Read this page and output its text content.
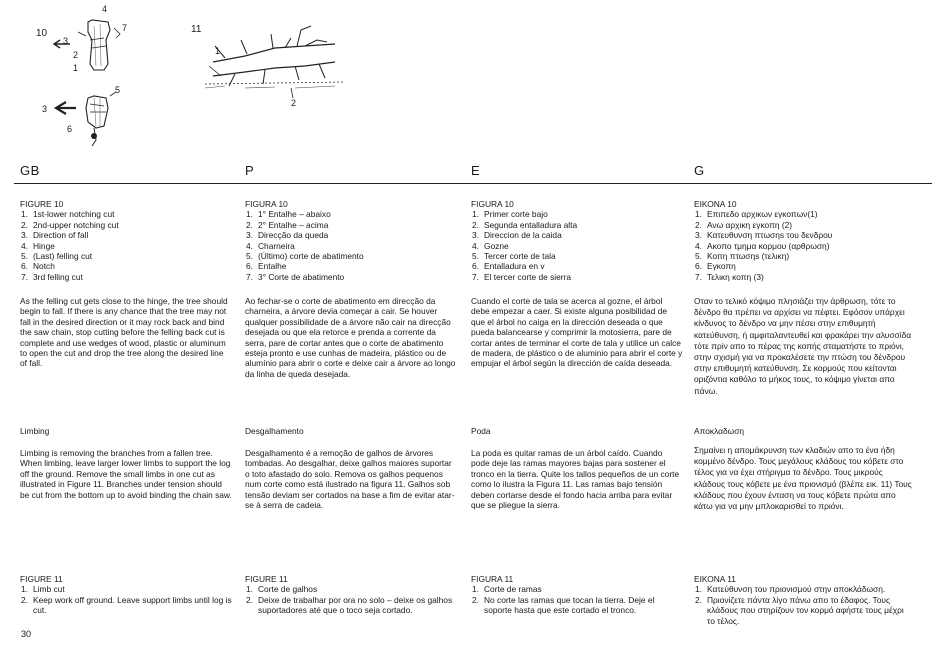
10
4
3
7
2
1
5
3
6
11
1
2
GB	P	E	G

FIGURE 10

1. 1st-lower notching cut
2. 2nd-upper notching cut
3. Direction of fall
4. Hinge
5. (Last) felling cut
6. Notch
7. 3rd felling cut

As the felling cut gets close to the hinge, the tree should begin to fall. If there is any chance that the tree may not fall in the desired direction or it may rock back and bind the saw chain, stop cutting before the felling back cut is complete and use wedges of wood, plastic or aluminum to open the cut and drop the tree along the desired line of fall.

Limbing

Limbing is removing the branches from a fallen tree. When limbing, leave larger lower limbs to support the log off the ground. Remove the small limbs in one cut as illustrated in Figure 11. Branches under tension should be cut from the bottom up to avoid binding the chain saw.

FIGURE 11

1. Limb cut
2. Keep work off ground. Leave support limbs until log is cut.

FIGURA 10

1. 1° Entalhe – abaixo
2. 2° Entalhe – acima
3. Direcção da queda
4. Charneira
5. (Último) corte de abatimento
6. Entalhe
7. 3° Corte de abatimento

Ao fechar-se o corte de abatimento em direcção da charneira, a árvore devia começar a cair. Se houver qualquer possibilidade de a árvore não cair na direcção desejada ou que ela retorce e prenda a corrente da serra, pare de cortar antes que o corte de abatimento esteja pronto e use cunhas de madeira, plástico ou de alumínio para abrir o corte e deixe cair a árvore ao longo da linha de queda desejada.

Desgalhamento

Desgalhamento é a remoção de galhos de árvores tombadas. Ao desgalhar, deixe galhos maiores suportar o toto afastado do solo. Remova os galhos pequenos num corte como está ilustrado na figura 11. Galhos sob tensão deviam ser cortados na base a fim de evitar atar-se à serra de cadeia.

FIGURE 11

1. Corte de galhos
2. Deixe de trabalhar por ora no solo – deixe os galhos suportadores até que o toco seja cortado.

FIGURA 10

1. Primer corte bajo
2. Segunda entalladura alta
3. Direccion de la caida
4. Gozne
5. Tercer corte de tala
6. Entalladura en v
7. El tercer corte de sierra

Cuando el corte de tala se acerca al gozne, el árbol debe empezar a caer. Si existe alguna posibilidad de que el árbol no caiga en la dirección deseada o que pueda balancearse y comprimir la motosierra, pare de cortar antes de terminar el corte de tala y utilice un calce de madera, de plástico o de aluminio para abrir el corte y empujar el árbol según la dirección de caída deseada.

Poda

La poda es quitar ramas de un árbol caído. Cuando pode deje las ramas mayores bajas para sostener el tronco en la tierra. Quite los tallos pequeños de un corte como lo ilustra la Figura 11. Las ramas bajo tensión deben cortarse desde el fondo hacia arriba para evitar que se pliegue la sierra.

FIGURA 11

1. Corte de ramas
2. No corte las ramas que tocan la tierra. Deje el soporte hasta que este cortado el tronco.

ΕΙΚΟΝΑ 10

1. Επιπεδο αρχικων εγκοπων(1)
2. Ανω αρχικη εγκοπη (2)
3. Κατευθυνση πτωσηs του δενδρου
4. Ακοπο τμημα κορμου (αρθρωση)
5. Κοπη πτωσηs (τελικη)
6. Εγκοπη
7. Τελικη κοπη (3)

Οταν το τελικό κόψιμο πλησιάζει την άρθρωση, τότε το δένδρο θα πρέπει να αρχίσει να πέφτει. Εφόσον υπάρχει κίνδυνος το δένδρο να μην πέσει στην επιθυμητή κατεύθυνση, ή αμφιταλαντευθεί και φρακάρει την αλυσσίδα τότε πρίν απο το πέρας της κοπής σταματήστε το πριόνι, στην σχισμή για να προκαλέσετε την πτώση του δένδρου στην επιθυμητή κατεύθυνση. Σε κορμούς που κείτονται οριζόντια καθόλο το μήκος τους, το κόψιμο γίνεται απο πάνω.

Αποκλαδωση

Σημαίνει η απομάκρυνση των κλαδιών απο το ένα ήδη κομμένο δένδρο. Τους μεγάλους κλάδους του κόβετε στο τέλος για να έχει στήριγμα το δένδρο. Τους μικρούς κλάδους τους κόβετε με ένα πριονισμό (βλέπε εικ. 11) Τους κλάδους που έχουν ένταση να τους κόβετε πρώτα απο κάτω για να μην μπλοκαρισθεί το πριόνι.

ΕΙΚΟΝΑ 11

1. Κατεύθυνση του πριονισμού στην αποκλάδωση.
2. Πριονίζετε πάντα λίγο πάνω απο το έδαφος. Τους κλάδους που στηρίζουν τον κορμό αφήστε τους μέχρι το τέλος.
30
